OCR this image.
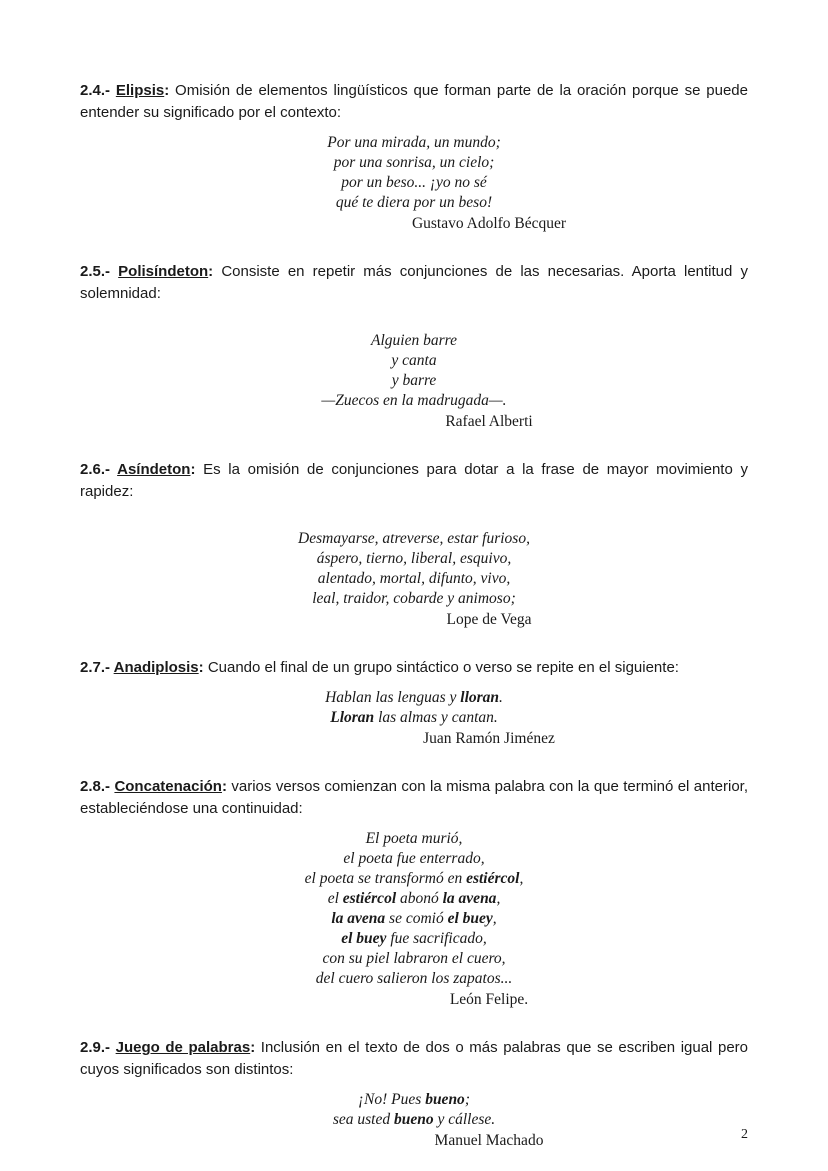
2.4.- Elipsis: Omisión de elementos lingüísticos que forman parte de la oración porque se puede entender su significado por el contexto:

Por una mirada, un mundo;
por una sonrisa, un cielo;
por un beso... ¡yo no sé
qué te diera por un beso!

Gustavo Adolfo Bécquer

2.5.- Polisíndeton: Consiste en repetir más conjunciones de las necesarias. Aporta lentitud y solemnidad:

Alguien barre
y canta
y barre
—Zuecos en la madrugada—.

Rafael Alberti

2.6.- Asíndeton: Es la omisión de conjunciones para dotar a la frase de mayor movimiento y rapidez:

Desmayarse, atreverse, estar furioso,
áspero, tierno, liberal, esquivo,
alentado, mortal, difunto, vivo,
leal, traidor, cobarde y animoso;

Lope de Vega

2.7.- Anadiplosis: Cuando el final de un grupo sintáctico o verso se repite en el siguiente:

Hablan las lenguas y lloran.
Lloran las almas y cantan.

Juan Ramón Jiménez

2.8.- Concatenación: varios versos comienzan con la misma palabra con la que terminó el anterior, estableciéndose una continuidad:

El poeta murió,
el poeta fue enterrado,
el poeta se transformó en estiércol,
el estiércol abonó la avena,
la avena se comió el buey,
el buey fue sacrificado,
con su piel labraron el cuero,
del cuero salieron los zapatos...

León Felipe.

2.9.- Juego de palabras: Inclusión en el texto de dos o más palabras que se escriben igual pero cuyos significados son distintos:

¡No! Pues bueno;
sea usted bueno y cállese.

Manuel Machado	2
